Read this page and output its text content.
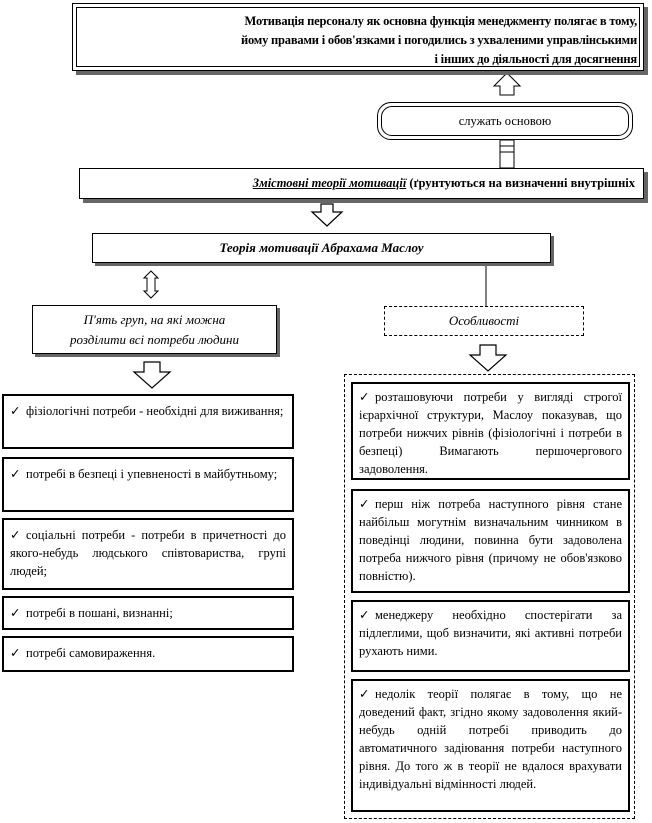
Мотивація персоналу як основна функція менеджменту полягає в тому,
йому правами і обов'язками і погодились з ухваленими управлінськими
і інших до діяльності для досягнення
служать основою
Змістовні теорії мотивації (ґрунтуються на визначенні внутрішніх
Теорія мотивації Абрахама Маслоу
П'ять груп, на які можна
розділити всі потреби людини
Особливості
✓ фізіологічні потреби - необхідні для виживання;
✓ потребі в безпеці і упевненості в майбутньому;
✓ соціальні потреби - потреби в причетності до якого-небудь людського співтовариства, групі людей;
✓ потребі в пошані, визнанні;
✓ потребі самовираження.
✓ розташовуючи потреби у вигляді строгої ієрархічної структури, Маслоу показував, що потреби нижчих рівнів (фізіологічні і потреби в безпеці) Вимагають першочергового задоволення.
✓ перш ніж потреба наступного рівня стане найбільш могутнім визначальним чинником в поведінці людини, повинна бути задоволена потреба нижчого рівня (причому не обов'язково повністю).
✓ менеджеру необхідно спостерігати за підлеглими, щоб визначити, які активні потреби рухають ними.
✓ недолік теорії полягає в тому, що не доведений факт, згідно якому задоволення який-небудь одній потребі приводить до автоматичного задіювання потреби наступного рівня. До того ж в теорії не вдалося врахувати індивідуальні відмінності людей.
